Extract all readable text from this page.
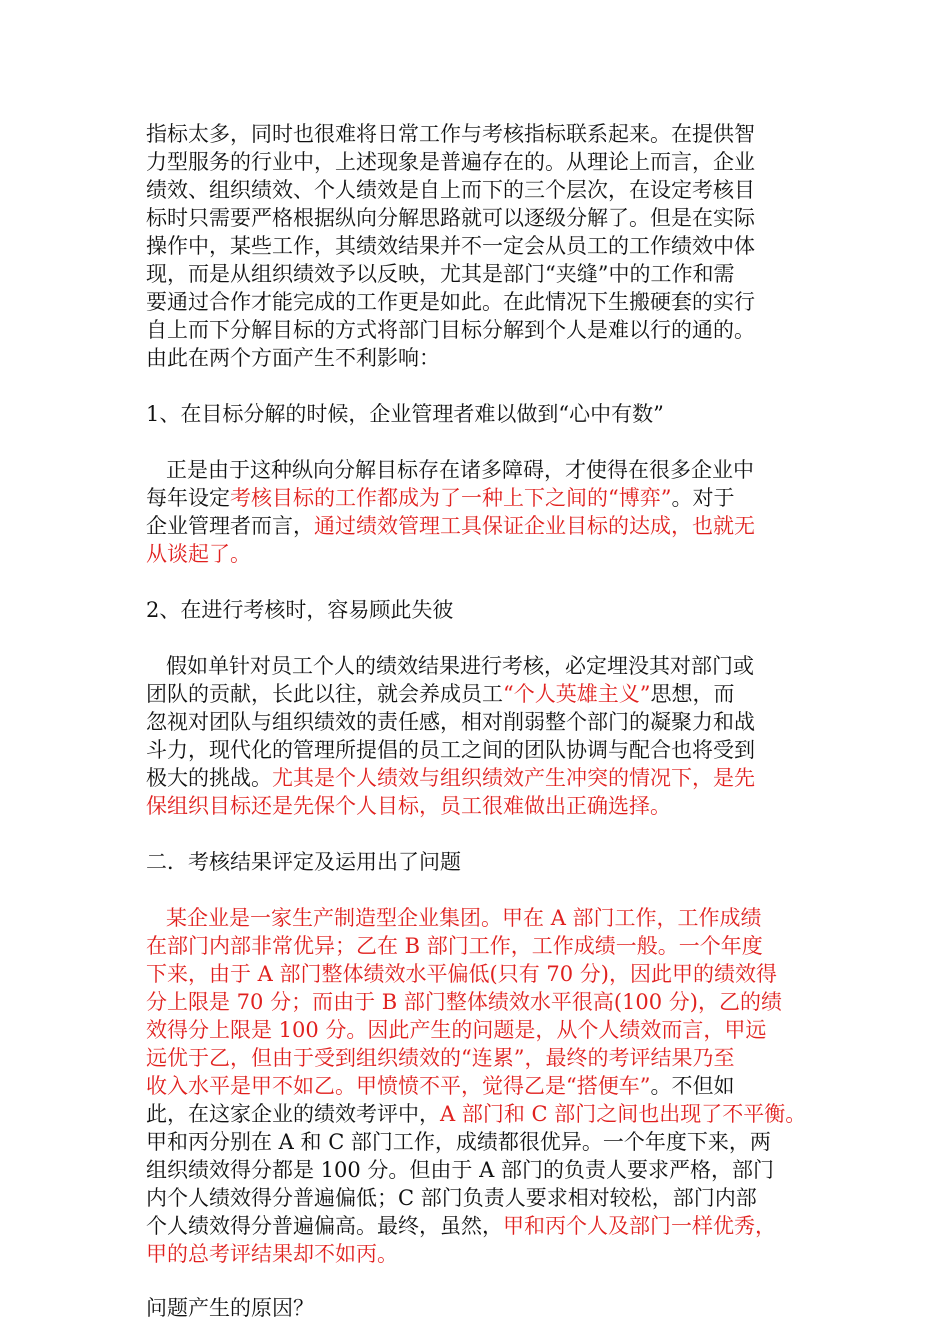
指标太多，同时也很难将日常工作与考核指标联系起来。在提供智
力型服务的行业中，上述现象是普遍存在的。从理论上而言，企业
绩效、组织绩效、个人绩效是自上而下的三个层次，在设定考核目
标时只需要严格根据纵向分解思路就可以逐级分解了。但是在实际
操作中，某些工作，其绩效结果并不一定会从员工的工作绩效中体
现，而是从组织绩效予以反映，尤其是部门“夹缝”中的工作和需
要通过合作才能完成的工作更是如此。在此情况下生搬硬套的实行
自上而下分解目标的方式将部门目标分解到个人是难以行的通的。
由此在两个方面产生不利影响：
1、在目标分解的时候，企业管理者难以做到“心中有数”
正是由于这种纵向分解目标存在诸多障碍，才使得在很多企业中
每年设定考核目标的工作都成为了一种上下之间的“博弈”。对于
企业管理者而言，通过绩效管理工具保证企业目标的达成，也就无
从谈起了。
2、在进行考核时，容易顾此失彼
假如单针对员工个人的绩效结果进行考核，必定埋没其对部门或
团队的贡献，长此以往，就会养成员工“个人英雄主义”思想，而
忽视对团队与组织绩效的责任感，相对削弱整个部门的凝聚力和战
斗力，现代化的管理所提倡的员工之间的团队协调与配合也将受到
极大的挑战。尤其是个人绩效与组织绩效产生冲突的情况下，是先
保组织目标还是先保个人目标，员工很难做出正确选择。
二．考核结果评定及运用出了问题
某企业是一家生产制造型企业集团。甲在 A 部门工作，工作成绩
在部门内部非常优异；乙在 B 部门工作，工作成绩一般。一个年度
下来，由于 A 部门整体绩效水平偏低(只有 70 分)，因此甲的绩效得
分上限是 70 分；而由于 B 部门整体绩效水平很高(100 分)，乙的绩
效得分上限是 100 分。因此产生的问题是，从个人绩效而言，甲远
远优于乙，但由于受到组织绩效的“连累”，最终的考评结果乃至
收入水平是甲不如乙。甲愤愤不平，觉得乙是“搭便车”。不但如
此，在这家企业的绩效考评中，A 部门和 C 部门之间也出现了不平衡。
甲和丙分别在 A 和 C 部门工作，成绩都很优异。一个年度下来，两
组织绩效得分都是 100 分。但由于 A 部门的负责人要求严格，部门
内个人绩效得分普遍偏低；C 部门负责人要求相对较松，部门内部
个人绩效得分普遍偏高。最终，虽然，甲和丙个人及部门一样优秀，
甲的总考评结果却不如丙。
问题产生的原因？
